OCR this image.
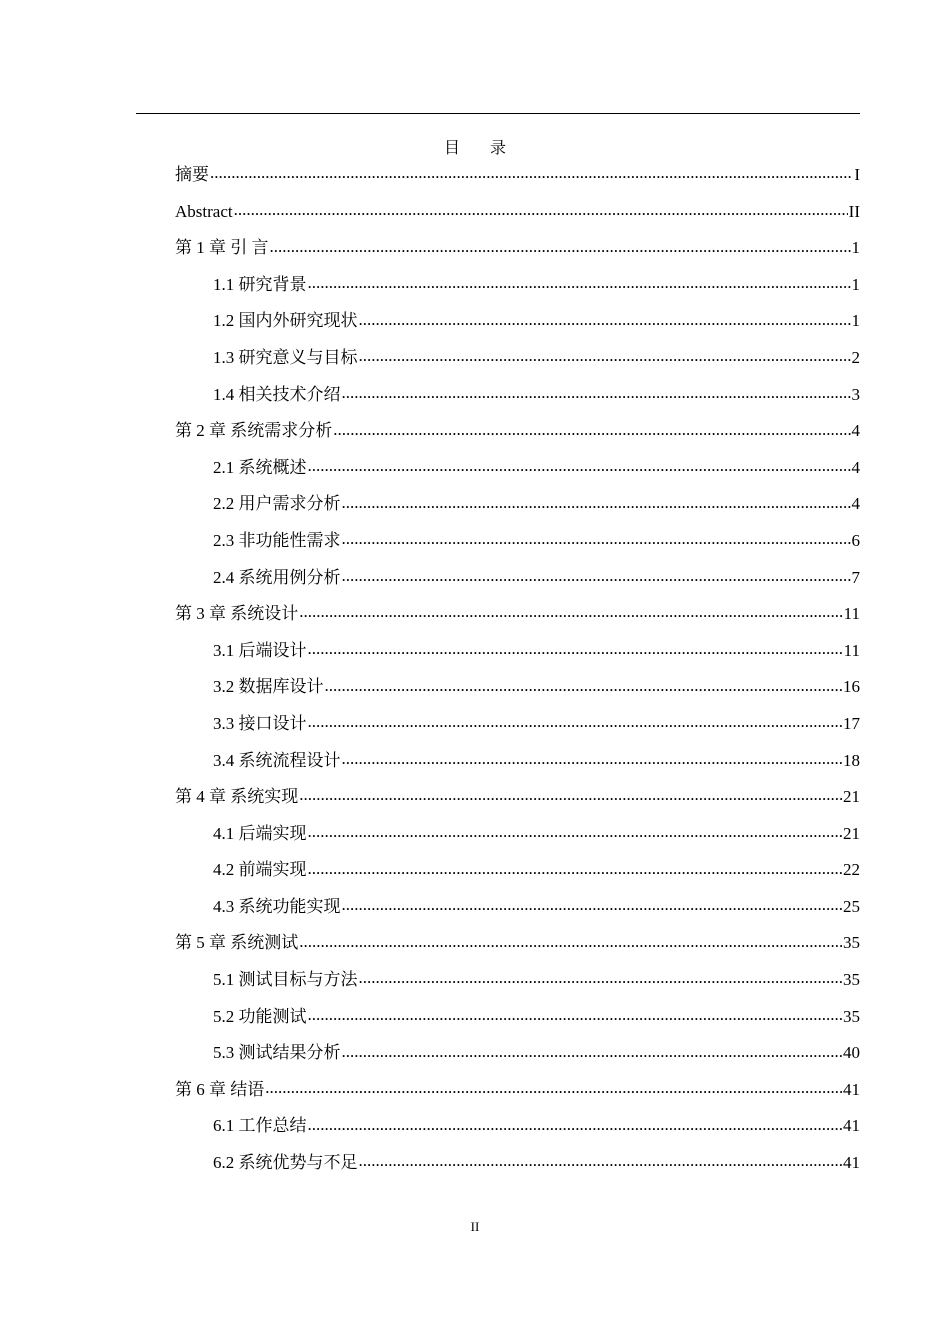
目 录
摘要 .....	I
Abstract .....	II
第 1 章 引 言 .....	1
1.1 研究背景 .....	1
1.2 国内外研究现状 .....	1
1.3 研究意义与目标 .....	2
1.4 相关技术介绍 .....	3
第 2 章 系统需求分析 .....	4
2.1 系统概述 .....	4
2.2 用户需求分析 .....	4
2.3 非功能性需求 .....	6
2.4 系统用例分析 .....	7
第 3 章 系统设计 .....	11
3.1 后端设计 .....	11
3.2 数据库设计 .....	16
3.3 接口设计 .....	17
3.4 系统流程设计 .....	18
第 4 章 系统实现 .....	21
4.1 后端实现 .....	21
4.2 前端实现 .....	22
4.3 系统功能实现 .....	25
第 5 章 系统测试 .....	35
5.1 测试目标与方法 .....	35
5.2 功能测试 .....	35
5.3 测试结果分析 .....	40
第 6 章 结语 .....	41
6.1 工作总结 .....	41
6.2 系统优势与不足 .....	41
II
